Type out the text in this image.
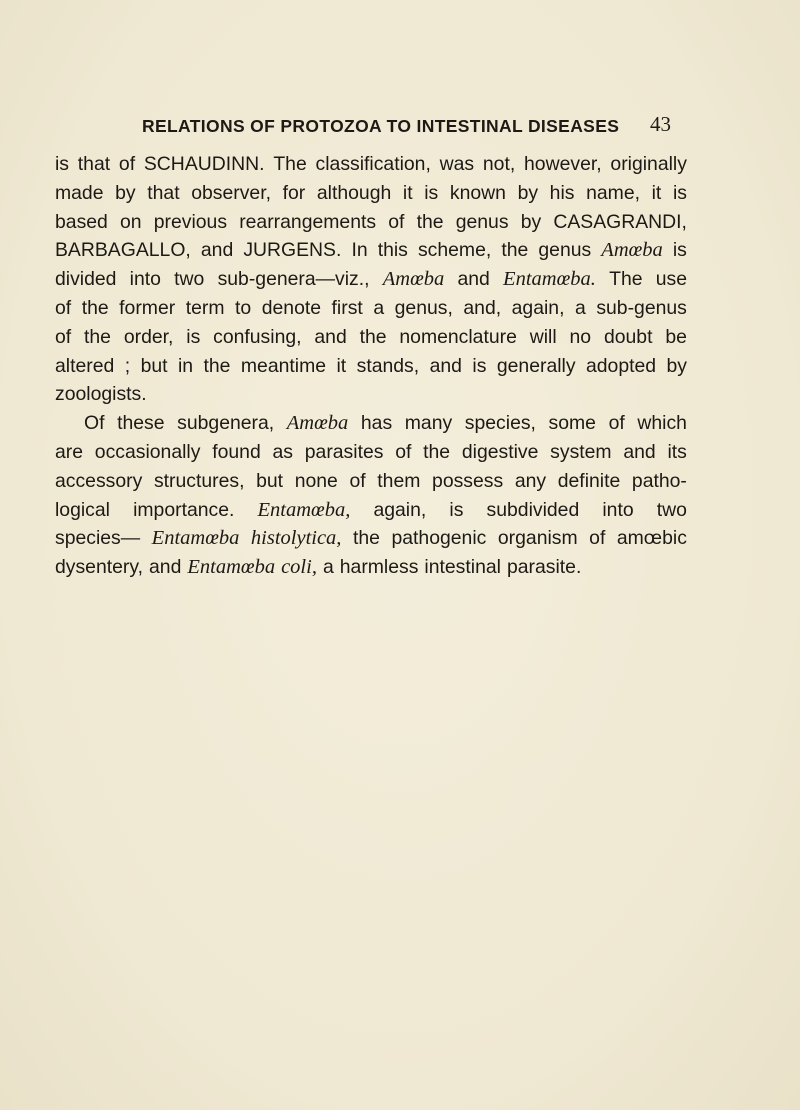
RELATIONS OF PROTOZOA TO INTESTINAL DISEASES	43
is that of SCHAUDINN. The classification, was not, however, originally
made by that observer, for although it is known by his name, it is
based on previous rearrangements of the genus by CASAGRANDI,
BARBAGALLO, and JURGENS. In this scheme, the genus Amœba is
divided into two sub-genera—viz., Amœba and Entamœba. The use
of the former term to denote first a genus, and, again, a sub-genus
of the order, is confusing, and the nomenclature will no doubt be
altered ; but in the meantime it stands, and is generally adopted by
zoologists.
Of these subgenera, Amœba has many species, some of which
are occasionally found as parasites of the digestive system and its
accessory structures, but none of them possess any definite patho-
logical importance. Entamœba, again, is subdivided into two
species— Entamœba histolytica, the pathogenic organism of amœbic
dysentery, and Entamœba coli, a harmless intestinal parasite.
